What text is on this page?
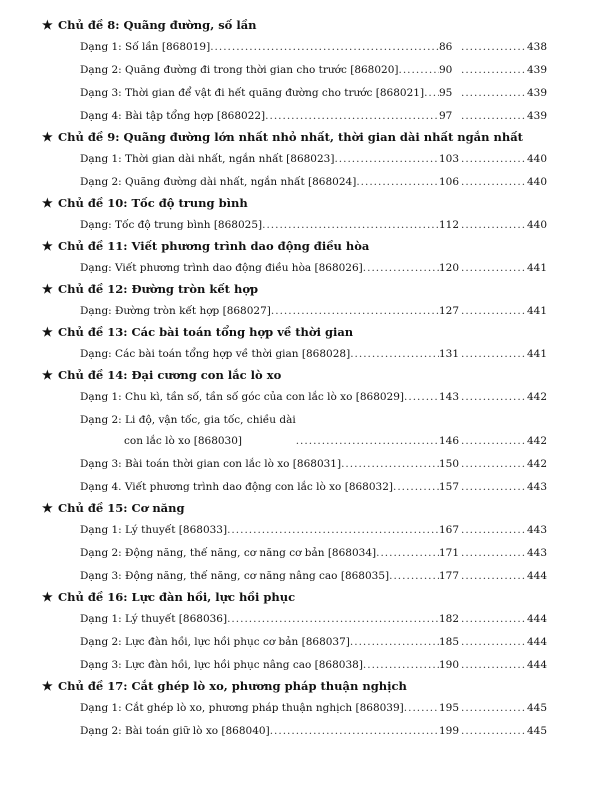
★ Chủ đề 8: Quãng đường, số lần
Dạng 1: Số lần [868019] .....	86 .....	438
Dạng 2: Quãng đường đi trong thời gian cho trước [868020] .....	90 .....	439
Dạng 3: Thời gian để vật đi hết quãng đường cho trước [868021] ..... 95 .....	439
Dạng 4: Bài tập tổng hợp [868022] .....	97 .....	439
★ Chủ đề 9: Quãng đường lớn nhất nhỏ nhất, thời gian dài nhất ngắn nhất
Dạng 1: Thời gian dài nhất, ngắn nhất [868023] .....	103 .....	440
Dạng 2: Quãng đường dài nhất, ngắn nhất [868024] .....	106 .....	440
★ Chủ đề 10: Tốc độ trung bình
Dạng: Tốc độ trung bình [868025] .....	112 .....	440
★ Chủ đề 11: Viết phương trình dao động điều hòa
Dạng: Viết phương trình dao động điều hòa [868026] .....	120 .....	441
★ Chủ đề 12: Đường tròn kết hợp
Dạng: Đường tròn kết hợp [868027] .....	127 .....	441
★ Chủ đề 13: Các bài toán tổng hợp về thời gian
Dạng: Các bài toán tổng hợp về thời gian [868028] .....	131 .....	441
★ Chủ đề 14: Đại cương con lắc lò xo
Dạng 1: Chu kì, tần số, tần số góc của con lắc lò xo [868029] .....	143 .....	442
Dạng 2: Li độ, vận tốc, gia tốc, chiều dài
con lắc lò xo [868030] .....	146 .....	442
Dạng 3: Bài toán thời gian con lắc lò xo [868031] .....	150 .....	442
Dạng 4. Viết phương trình dao động con lắc lò xo [868032] .....	157 .....	443
★ Chủ đề 15: Cơ năng
Dạng 1: Lý thuyết [868033] .....	167 .....	443
Dạng 2: Động năng, thế năng, cơ năng cơ bản [868034] .....	171 .....	443
Dạng 3: Động năng, thế năng, cơ năng nâng cao [868035] .....	177 .....	444
★ Chủ đề 16: Lực đàn hồi, lực hồi phục
Dạng 1: Lý thuyết [868036] .....	182 .....	444
Dạng 2: Lực đàn hồi, lực hồi phục cơ bản [868037] .....	185 .....	444
Dạng 3: Lực đàn hồi, lực hồi phục nâng cao [868038] .....	190 .....	444
★ Chủ đề 17: Cắt ghép lò xo, phương pháp thuận nghịch
Dạng 1: Cắt ghép lò xo, phương pháp thuận nghịch [868039] .....	195 .....	445
Dạng 2: Bài toán giữ lò xo [868040] .....	199 .....	445
